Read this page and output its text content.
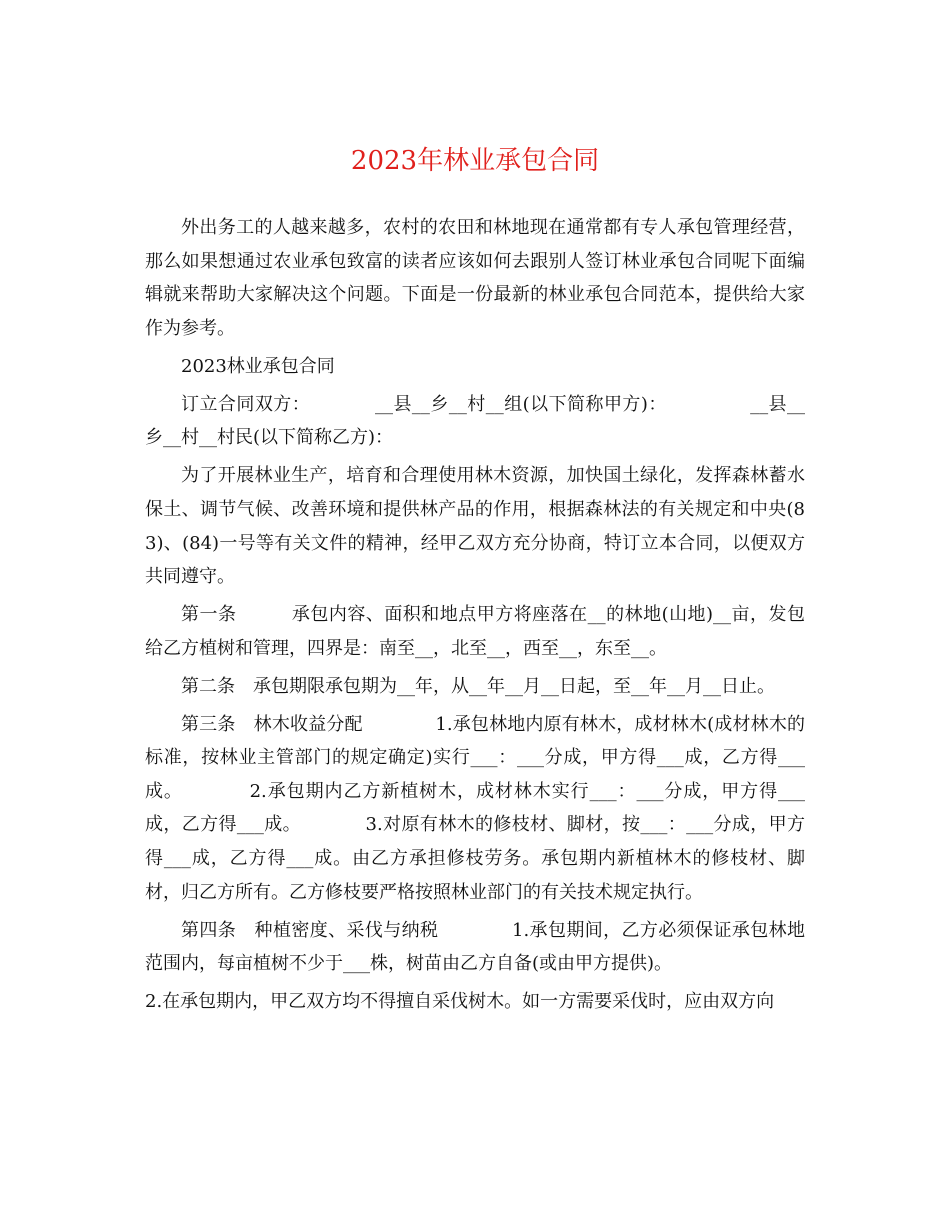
2023年林业承包合同

外出务工的人越来越多，农村的农田和林地现在通常都有专人承包管理经营，那么如果想通过农业承包致富的读者应该如何去跟别人签订林业承包合同呢下面编辑就来帮助大家解决这个问题。下面是一份最新的林业承包合同范本，提供给大家作为参考。

2023林业承包合同

订立合同双方：　　　　__县__乡__村__组(以下简称甲方)：　　　　　__县__乡__村__村民(以下简称乙方)：

为了开展林业生产，培育和合理使用林木资源，加快国土绿化，发挥森林蓄水保土、调节气候、改善环境和提供林产品的作用，根据森林法的有关规定和中央(83)、(84)一号等有关文件的精神，经甲乙双方充分协商，特订立本合同，以便双方共同遵守。

第一条　　　承包内容、面积和地点甲方将座落在__的林地(山地)__亩，发包给乙方植树和管理，四界是：南至__，北至__，西至__，东至__。

第二条　承包期限承包期为__年，从__年__月__日起，至__年__月__日止。

第三条　林木收益分配　　　　1.承包林地内原有林木，成材林木(成材林木的标准，按林业主管部门的规定确定)实行___：___分成，甲方得___成，乙方得___成。　　　　2.承包期内乙方新植树木，成材林木实行___：___分成，甲方得___成，乙方得___成。　　　　3.对原有林木的修枝材、脚材，按___：___分成，甲方得___成，乙方得___成。由乙方承担修枝劳务。承包期内新植林木的修枝材、脚材，归乙方所有。乙方修枝要严格按照林业部门的有关技术规定执行。

第四条　种植密度、采伐与纳税　　　　1.承包期间，乙方必须保证承包林地范围内，每亩植树不少于___株，树苗由乙方自备(或由甲方提供)。

2.在承包期内，甲乙双方均不得擅自采伐树木。如一方需要采伐时，应由双方向
